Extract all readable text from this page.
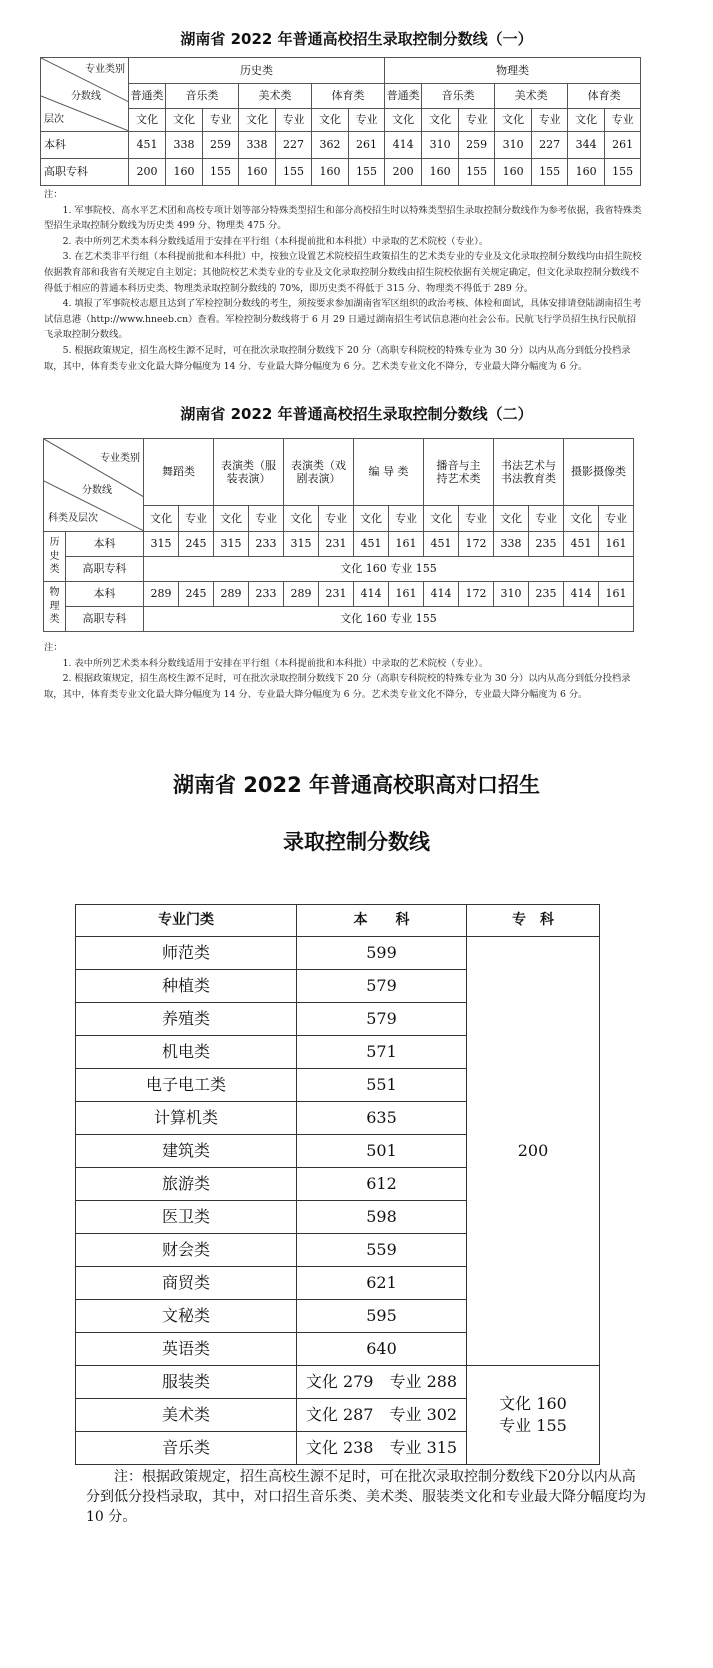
湖南省 2022 年普通高校招生录取控制分数线（一）
专业类别
分数线
层次	历史类							物理类						
	普通类	音乐类		美术类		体育类		普通类	音乐类		美术类		体育类	
	文化	文化	专业	文化	专业	文化	专业	文化	文化	专业	文化	专业	文化	专业
本科	451	338	259	338	227	362	261	414	310	259	310	227	344	261
高职专科	200	160	155	160	155	160	155	200	160	155	160	155	160	155

注：

1. 军事院校、高水平艺术团和高校专项计划等部分特殊类型招生和部分高校招生时以特殊类型招生录取控制分数线作为参考依据，我省特殊类型招生录取控制分数线为历史类 499 分、物理类 475 分。

2. 表中所列艺术类本科分数线适用于安排在平行组（本科提前批和本科批）中录取的艺术院校（专业）。

3. 在艺术类非平行组（本科提前批和本科批）中，按独立设置艺术院校招生政策招生的艺术类专业的专业及文化录取控制分数线均由招生院校依据教育部和我省有关规定自主划定；其他院校艺术类专业的专业及文化录取控制分数线由招生院校依据有关规定确定，但文化录取控制分数线不得低于相应的普通本科历史类、物理类录取控制分数线的 70%，即历史类不得低于 315 分、物理类不得低于 289 分。

4. 填报了军事院校志愿且达到了军检控制分数线的考生，须按要求参加湖南省军区组织的政治考核、体检和面试，具体安排请登陆湖南招生考试信息港（http://www.hneeb.cn）查看。军检控制分数线将于 6 月 29 日通过湖南招生考试信息港向社会公布。民航飞行学员招生执行民航招飞录取控制分数线。

5. 根据政策规定，招生高校生源不足时，可在批次录取控制分数线下 20 分（高职专科院校的特殊专业为 30 分）以内从高分到低分投档录取，其中，体育类专业文化最大降分幅度为 14 分、专业最大降分幅度为 6 分。艺术类专业文化不降分，专业最大降分幅度为 6 分。

湖南省 2022 年普通高校招生录取控制分数线（二）
专业类别
分数线
科类及层次		舞蹈类		表演类（服装表演）		表演类（戏剧表演）		编 导 类		播音与主持艺术类		书法艺术与书法教育类		摄影摄像类	
		文化	专业	文化	专业	文化	专业	文化	专业	文化	专业	文化	专业	文化	专业
历
史
类	本科	315	245	315	233	315	231	451	161	451	172	338	235	451	161
	高职专科	文化 160 专业 155													
物
理
类	本科	289	245	289	233	289	231	414	161	414	172	310	235	414	161
	高职专科	文化 160 专业 155													

注：

1. 表中所列艺术类本科分数线适用于安排在平行组（本科提前批和本科批）中录取的艺术院校（专业）。

2. 根据政策规定，招生高校生源不足时，可在批次录取控制分数线下 20 分（高职专科院校的特殊专业为 30 分）以内从高分到低分投档录取，其中，体育类专业文化最大降分幅度为 14 分、专业最大降分幅度为 6 分。艺术类专业文化不降分，专业最大降分幅度为 6 分。

湖南省 2022 年普通高校职高对口招生
录取控制分数线
专业门类	本　　科	专　科
师范类	599	200
种植类	579	
养殖类	579	
机电类	571	
电子电工类	551	
计算机类	635	
建筑类	501	
旅游类	612	
医卫类	598	
财会类	559	
商贸类	621	
文秘类	595	
英语类	640	
服装类	文化 279　专业 288	文化 160
专业 155

美术类	文化 287　专业 302	
音乐类	文化 238　专业 315	
注：根据政策规定，招生高校生源不足时，可在批次录取控制分数线下20分以内从高分到低分投档录取，其中，对口招生音乐类、美术类、服装类文化和专业最大降分幅度均为 10 分。
